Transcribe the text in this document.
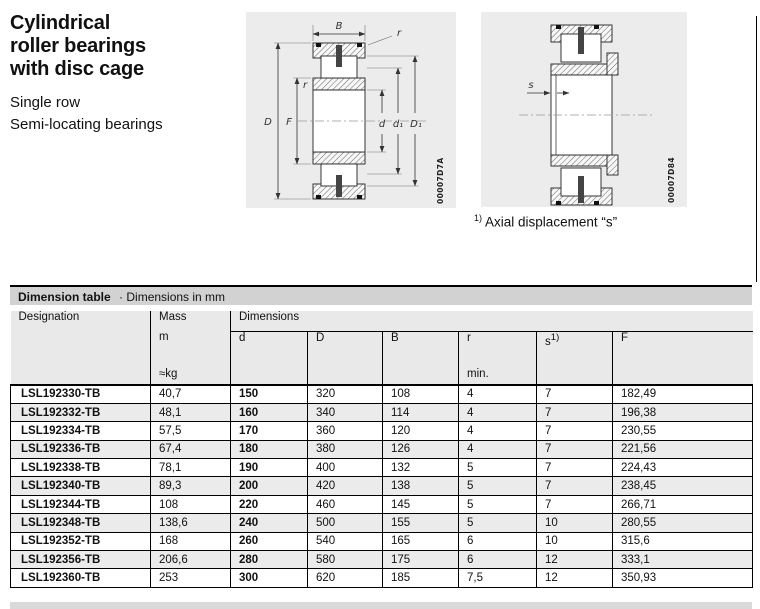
Cylindrical
roller bearings
with disc cage
Single row
Semi-locating bearings
B
r
D F
r
d d₁ D₁
00007D7A
s
00007D84
$^{1)}$ Axial displacement “s”
Dimension table · Dimensions in mm
Designation	Mass	Dimensions					
	m	d	D	B	r	$s^{1)}$	F
	≈kg				min.		
LSL192330-TB	40,7	150	320	108	4	7	182,49
LSL192332-TB	48,1	160	340	114	4	7	196,38
LSL192334-TB	57,5	170	360	120	4	7	230,55
LSL192336-TB	67,4	180	380	126	4	7	221,56
LSL192338-TB	78,1	190	400	132	5	7	224,43
LSL192340-TB	89,3	200	420	138	5	7	238,45
LSL192344-TB	108	220	460	145	5	7	266,71
LSL192348-TB	138,6	240	500	155	5	10	280,55
LSL192352-TB	168	260	540	165	6	10	315,6
LSL192356-TB	206,6	280	580	175	6	12	333,1
LSL192360-TB	253	300	620	185	7,5	12	350,93
